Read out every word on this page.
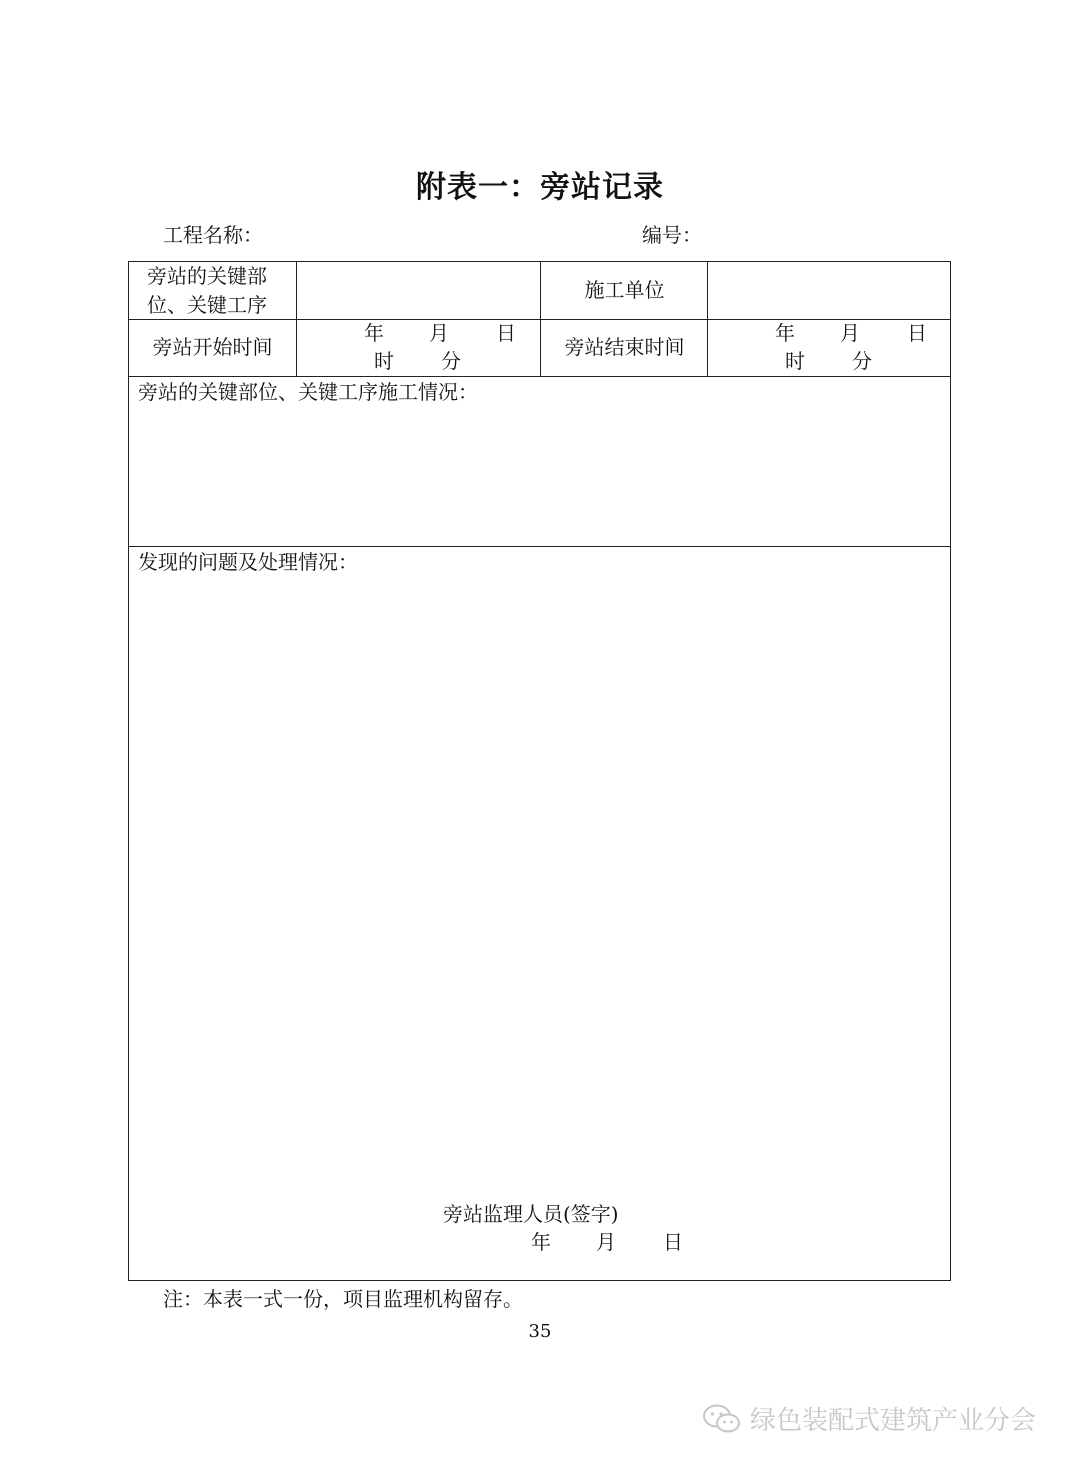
附表一：旁站记录
工程名称：	编号：
旁站的关键部位、关键工序
施工单位
旁站开始时间
年 月 日
时 分
旁站结束时间
年 月 日
时 分
旁站的关键部位、关键工序施工情况：
发现的问题及处理情况：
旁站监理人员(签字)
年 月 日
注：本表一式一份，项目监理机构留存。
35
绿色装配式建筑产业分会
